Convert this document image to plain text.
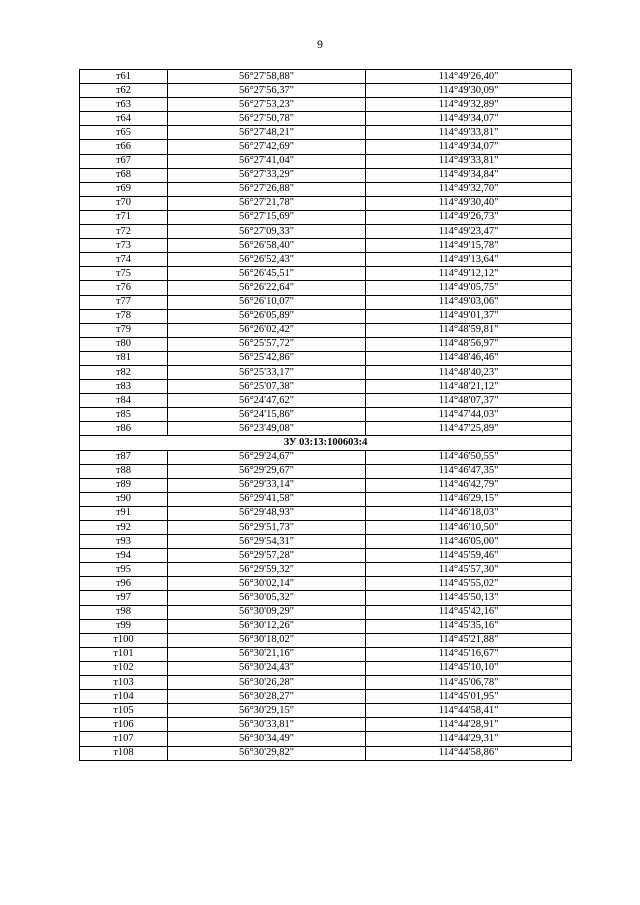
9
т61	56°27'58,88"	114°49'26,40"
т62	56°27'56,37"	114°49'30,09"
т63	56°27'53,23"	114°49'32,89"
т64	56°27'50,78"	114°49'34,07"
т65	56°27'48,21"	114°49'33,81"
т66	56°27'42,69"	114°49'34,07"
т67	56°27'41,04"	114°49'33,81"
т68	56°27'33,29"	114°49'34,84"
т69	56°27'26,88"	114°49'32,70"
т70	56°27'21,78"	114°49'30,40"
т71	56°27'15,69"	114°49'26,73"
т72	56°27'09,33"	114°49'23,47"
т73	56°26'58,40"	114°49'15,78"
т74	56°26'52,43"	114°49'13,64"
т75	56°26'45,51"	114°49'12,12"
т76	56°26'22,64"	114°49'05,75"
т77	56°26'10,07"	114°49'03,06"
т78	56°26'05,89"	114°49'01,37"
т79	56°26'02,42"	114°48'59,81"
т80	56°25'57,72"	114°48'56,97"
т81	56°25'42,86"	114°48'46,46"
т82	56°25'33,17"	114°48'40,23"
т83	56°25'07,38"	114°48'21,12"
т84	56°24'47,62"	114°48'07,37"
т85	56°24'15,86"	114°47'44,03"
т86	56°23'49,08"	114°47'25,89"
ЗУ 03:13:100603:4		
т87	56°29'24,67"	114°46'50,55"
т88	56°29'29,67"	114°46'47,35"
т89	56°29'33,14"	114°46'42,79"
т90	56°29'41,58"	114°46'29,15"
т91	56°29'48,93"	114°46'18,03"
т92	56°29'51,73"	114°46'10,50"
т93	56°29'54,31"	114°46'05,00"
т94	56°29'57,28"	114°45'59,46"
т95	56°29'59,32"	114°45'57,30"
т96	56°30'02,14"	114°45'55,02"
т97	56°30'05,32"	114°45'50,13"
т98	56°30'09,29"	114°45'42,16"
т99	56°30'12,26"	114°45'35,16"
т100	56°30'18,02"	114°45'21,88"
т101	56°30'21,16"	114°45'16,67"
т102	56°30'24,43"	114°45'10,10"
т103	56°30'26,28"	114°45'06,78"
т104	56°30'28,27"	114°45'01,95"
т105	56°30'29,15"	114°44'58,41"
т106	56°30'33,81"	114°44'28,91"
т107	56°30'34,49"	114°44'29,31"
т108	56°30'29,82"	114°44'58,86"
